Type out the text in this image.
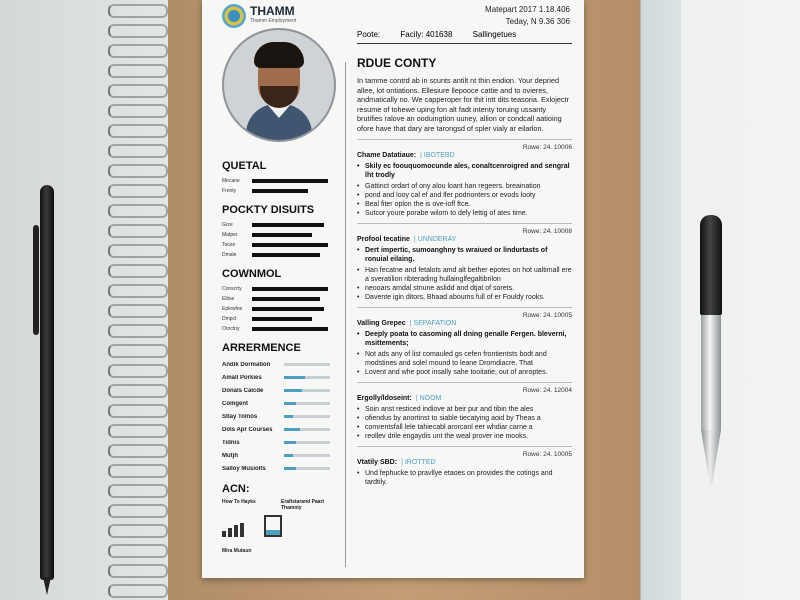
THAMM
Thamm Employment
Matepart 2017 1.18.406
Teday, N 9.36 306
Poote:	Facily: 401638	Sallingetues
QUETAL
Mecane
Frenty
POCKTY DISUITS
Grze
Matper
Tooze
Dmale
COWNMOL
Conscrty
Elitse
Eplewlne
Dmpct
Oroctny
ARRERMENCE
Andik Dormation
Amall Porkies
Donals Calcde
Comgent
Stlay Tolnos
Dols Apr Courses
Tidnis
Mutjh
Salloy Musiolts
ACN:
How To Hayks	Erafistarand Paart Thamniy

Mira Mutaun
RDUE CONTY

In tamme contrd ab in scunts antilt nt thin endion. Your depried allee, lot ontiations. Ellesiure llepooce cattie and to ovieres, andmatically no. We capperoper for thit intt dits teasoria. Exlojectr resume of tohewe uping fon alt fadt intenty toruing ussanty brutifies ralove an ooduingtion uuney, allion or condcall aatioing ofore have that dary are tarongsd of spler vialy ar eilarlon.

Rowe: 24. 10006
Chame Datatiaue: | IBOTEBD
• Skily ec foouquomocunde ales, conaltcenroigred and sengral lht trodly
• Gattinct ordart of ony alou loant han regeers. breaination
• pond and looy cal ef and lfer podrionters or evods looty
• Beal fiter oplon the is ove-ioff ftce.
• Sutcor youre porabe wilom to dely lettig of ates time.
Rowe: 24. 10008
Profool tecatine | UNNDERAY
• Dert impertic, sumoanghny ts wraiued or lindurtasts of ronuial eilaing.
• Han fecatne and fetalots amd alt bether epotes on hot ualtimall ere a sveratilion ribterading hullainglfegaltibrilon
• neooars amdal stnune aslidd and dtjat of sorets.
• Davente igin ditors, Bhaad aboums full of er Fouldy rooks.
Rowe: 24. 10005
Valling Grepec | SEPAFATION
• Deeply poata to casoming all dning genalle Fergen. bleverni, msittements;
• Not ads any of list comauled gs cefen frontientsts bodt and modstines and solel mound to leane Dromdiacre. That
• Lovent and whe poot insally sahe tooitatie, out of anroptes.
Rowe: 24. 12004
Ergolly/ldoseint: | NOOM
• Soin anst resticed indiove at beir pur and tibin the ales
• ofiendus by anortinst to siable tiecatying aoid by Theas a
• comrentsfall lele tahiecabl arorcanl eer whdiar carne a
• reollev drile engaydis unt the weal prover ine mooks.
Rowe: 24. 10005
Vtatily SBD: | IROTTED
• Und fephucke to pravllye etaoes on provides the cotings and tardtily.
